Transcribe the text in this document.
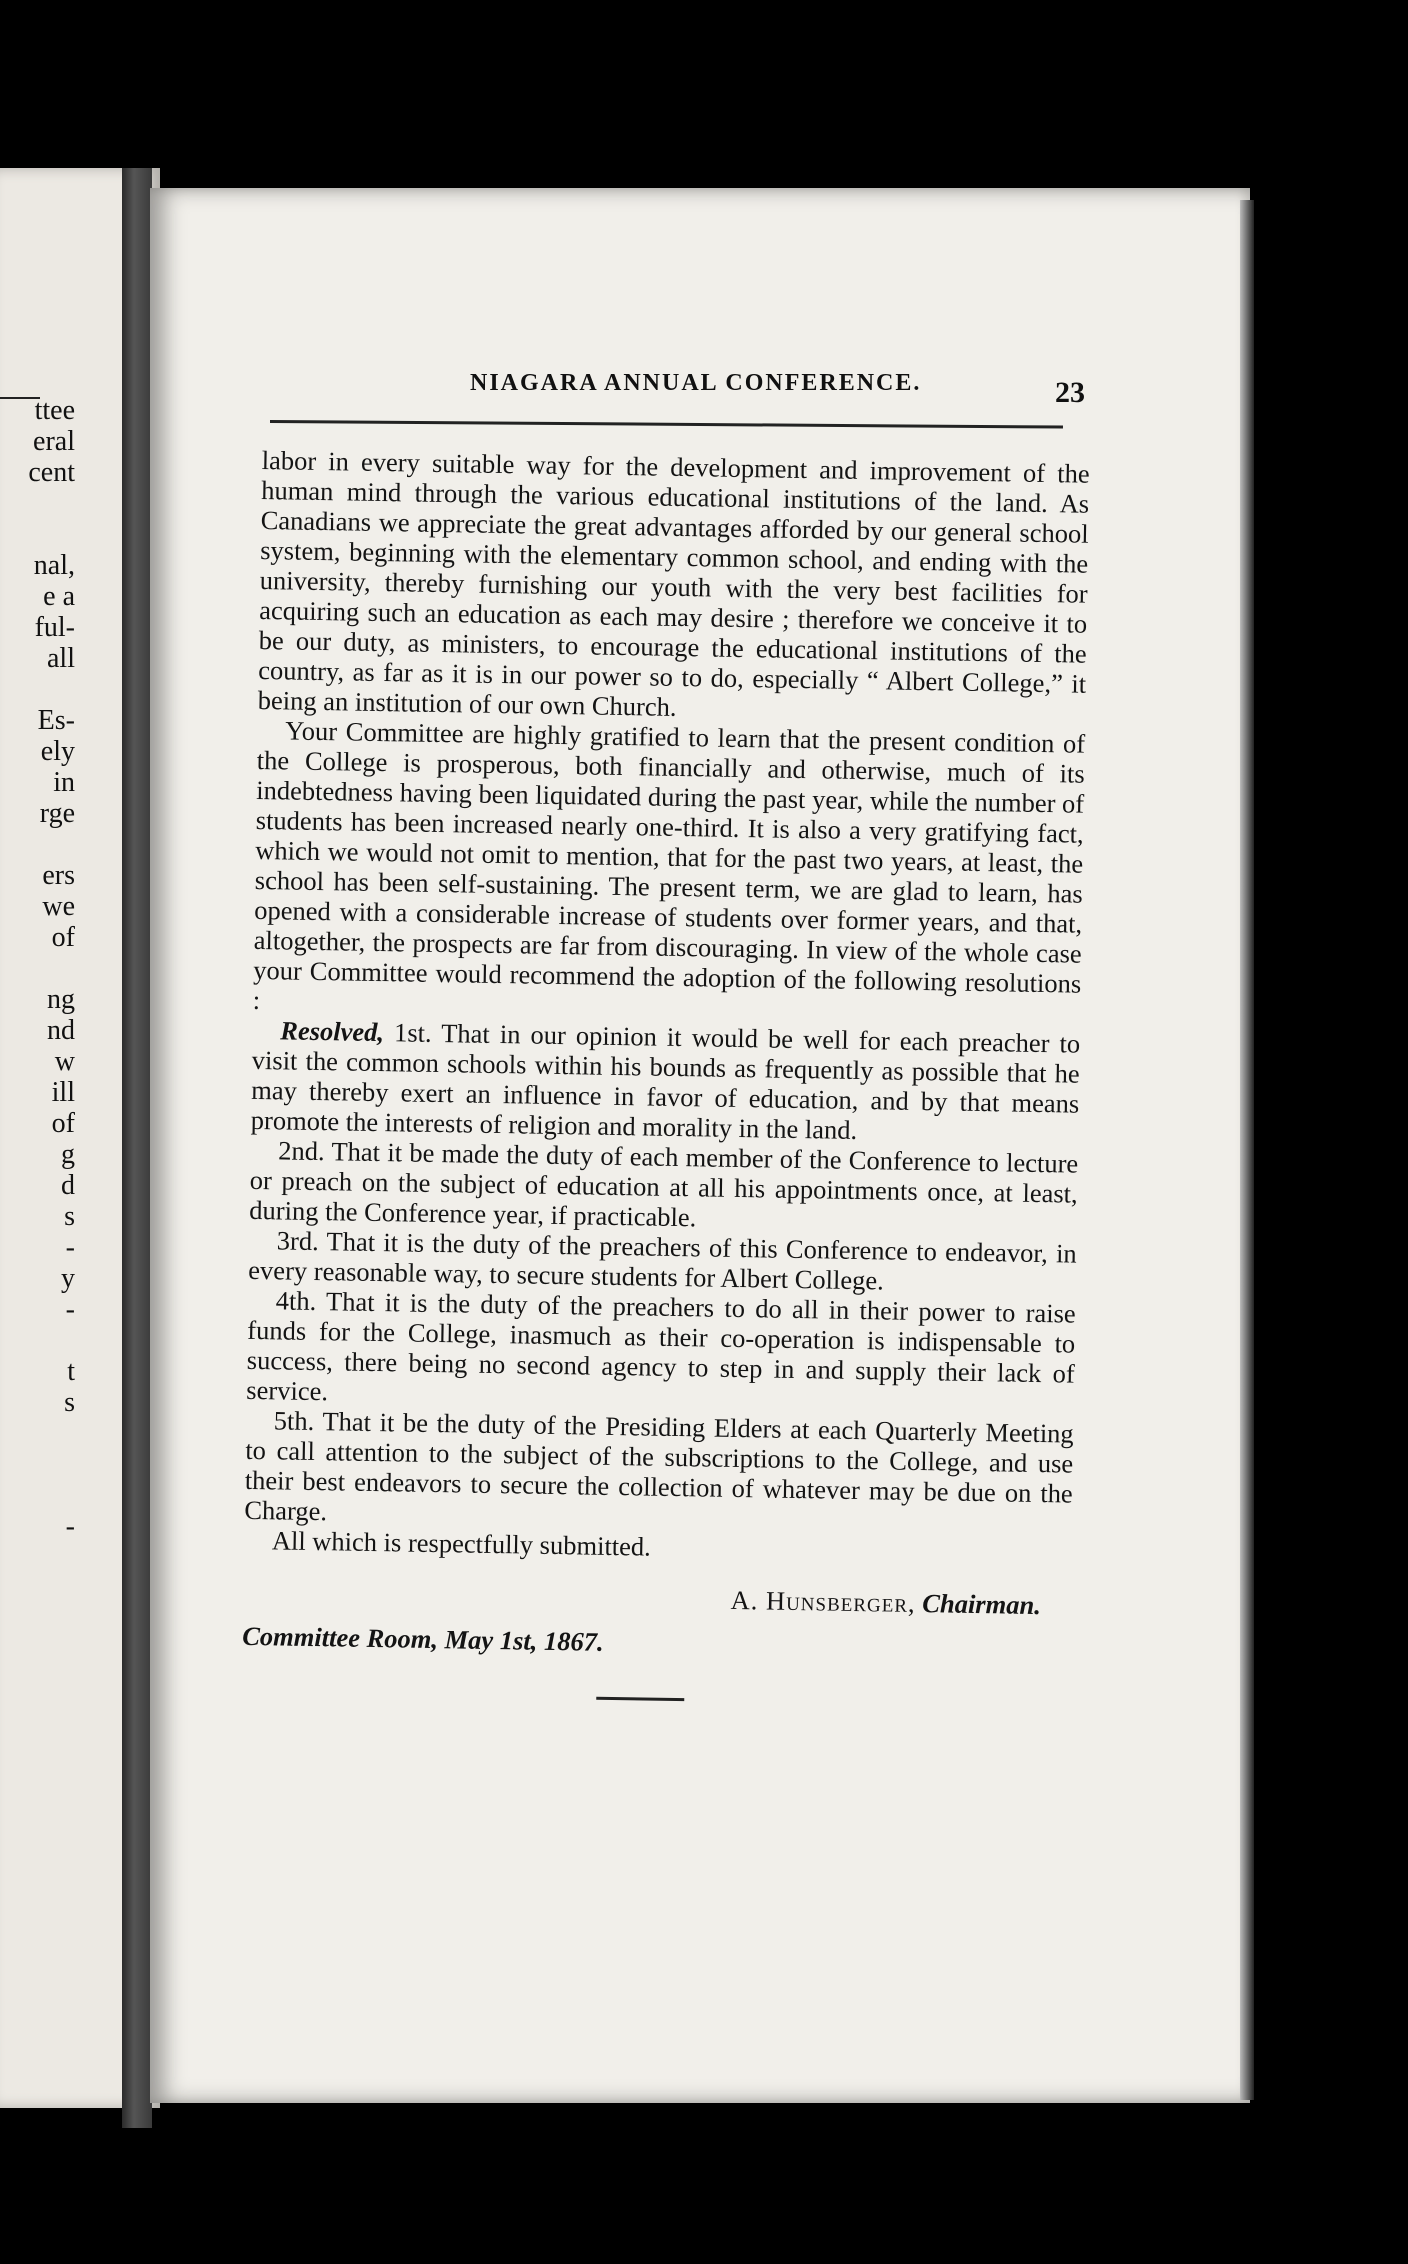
ttee
eral
cent

nal,
e a
ful-
all

Es-
ely
in
rge

ers
we
of

ng
nd
w
ill
of
g
d
s
-
y
-

t
s

-

NIAGARA ANNUAL CONFERENCE.	23

labor in every suitable way for the development and improvement of the human mind through the various educational institutions of the land. As Canadians we appreciate the great advantages afforded by our general school system, beginning with the elementary common school, and ending with the university, thereby furnishing our youth with the very best facilities for acquiring such an education as each may desire ; therefore we conceive it to be our duty, as ministers, to encourage the educational institutions of the country, as far as it is in our power so to do, especially “ Albert College,” it being an institution of our own Church.

Your Committee are highly gratified to learn that the present condition of the College is prosperous, both financially and otherwise, much of its indebtedness having been liquidated during the past year, while the number of students has been increased nearly one-third. It is also a very gratifying fact, which we would not omit to mention, that for the past two years, at least, the school has been self-sustaining. The present term, we are glad to learn, has opened with a considerable increase of students over former years, and that, altogether, the prospects are far from discouraging. In view of the whole case your Committee would recommend the adoption of the following resolutions :

Resolved, 1st. That in our opinion it would be well for each preacher to visit the common schools within his bounds as frequently as possible that he may thereby exert an influence in favor of education, and by that means promote the interests of religion and morality in the land.

2nd. That it be made the duty of each member of the Conference to lecture or preach on the subject of education at all his appointments once, at least, during the Conference year, if practicable.

3rd. That it is the duty of the preachers of this Conference to endeavor, in every reasonable way, to secure students for Albert College.

4th. That it is the duty of the preachers to do all in their power to raise funds for the College, inasmuch as their co-operation is indispensable to success, there being no second agency to step in and supply their lack of service.

5th. That it be the duty of the Presiding Elders at each Quarterly Meeting to call attention to the subject of the subscriptions to the College, and use their best endeavors to secure the collection of whatever may be due on the Charge.

All which is respectfully submitted.

A. Hunsberger, Chairman.
Committee Room, May 1st, 1867.
